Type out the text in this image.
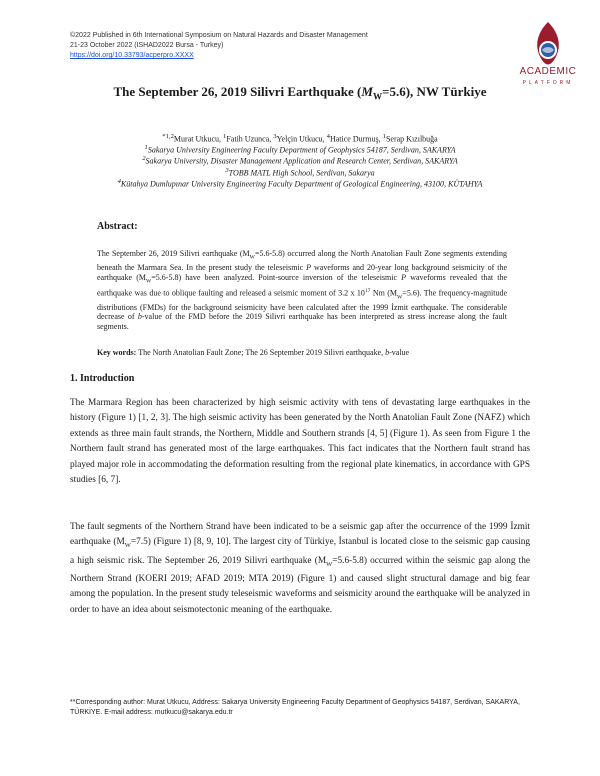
©2022 Published in 6th International Symposium on Natural Hazards and Disaster Management
21-23 October 2022 (ISHAD2022 Bursa - Turkey)
https://doi.org/10.33793/acperpro.XXXX
ACADEMIC
PLATFORM
The September 26, 2019 Silivri Earthquake $(M_W=5.6)$, NW Türkiye
$^{*1,2}$Murat Utkucu, $^1$Fatih Uzunca, $^3$Yelçin Utkucu, $^4$Hatice Durmuş, $^1$Serap Kızılbuğa
$^1$Sakarya University Engineering Faculty Department of Geophysics 54187, Serdivan, SAKARYA
$^2$Sakarya University, Disaster Management Application and Research Center, Serdivan, SAKARYA
$^3$TOBB MATL High School, Serdivan, Sakarya
$^4$Kütahya Dumlupınar University Engineering Faculty Department of Geological Engineering, 43100, KÜTAHYA
Abstract:
The September 26, 2019 Silivri earthquake $(M_W=5.6-5.8)$ occurred along the North Anatolian Fault Zone segments extending beneath the Marmara Sea. In the present study the teleseismic P waveforms and 20-year long background seismicity of the earthquake $(M_W=5.6-5.8)$ have been analyzed. Point-source inversion of the teleseismic P waveforms revealed that the earthquake was due to oblique faulting and released a seismic moment of 3.2 x $10^{17}$ Nm $(M_W=5.6)$. The frequency-magnitude distributions (FMDs) for the background seismicity have been calculated after the 1999 İzmit earthquake. The considerable decrease of b-value of the FMD before the 2019 Silivri earthquake has been interpreted as stress increase along the fault segments.
Key words: The North Anatolian Fault Zone; The 26 September 2019 Silivri earthquake, b-value
1. Introduction
The Marmara Region has been characterized by high seismic activity with tens of devastating large earthquakes in the history (Figure 1) [1, 2, 3]. The high seismic activity has been generated by the North Anatolian Fault Zone (NAFZ) which extends as three main fault strands, the Northern, Middle and Southern strands [4, 5] (Figure 1). As seen from Figure 1 the Northern fault strand has generated most of the large earthquakes. This fact indicates that the Northern fault strand has played major role in accommodating the deformation resulting from the regional plate kinematics, in accordance with GPS studies [6, 7].
The fault segments of the Northern Strand have been indicated to be a seismic gap after the occurrence of the 1999 İzmit earthquake $(M_W=7.5)$ (Figure 1) [8, 9, 10]. The largest city of Türkiye, İstanbul is located close to the seismic gap causing a high seismic risk. The September 26, 2019 Silivri earthquake $(M_W=5.6-5.8)$ occurred within the seismic gap along the Northern Strand (KOERI 2019; AFAD 2019; MTA 2019) (Figure 1) and caused slight structural damage and big fear among the population. In the present study teleseismic waveforms and seismicity around the earthquake will be analyzed in order to have an idea about seismotectonic meaning of the earthquake.
**Corresponding author: Murat Utkucu, Address: Sakarya University Engineering Faculty Department of Geophysics 54187, Serdivan, SAKARYA, TÜRKİYE. E-mail address: mutkucu@sakarya.edu.tr
